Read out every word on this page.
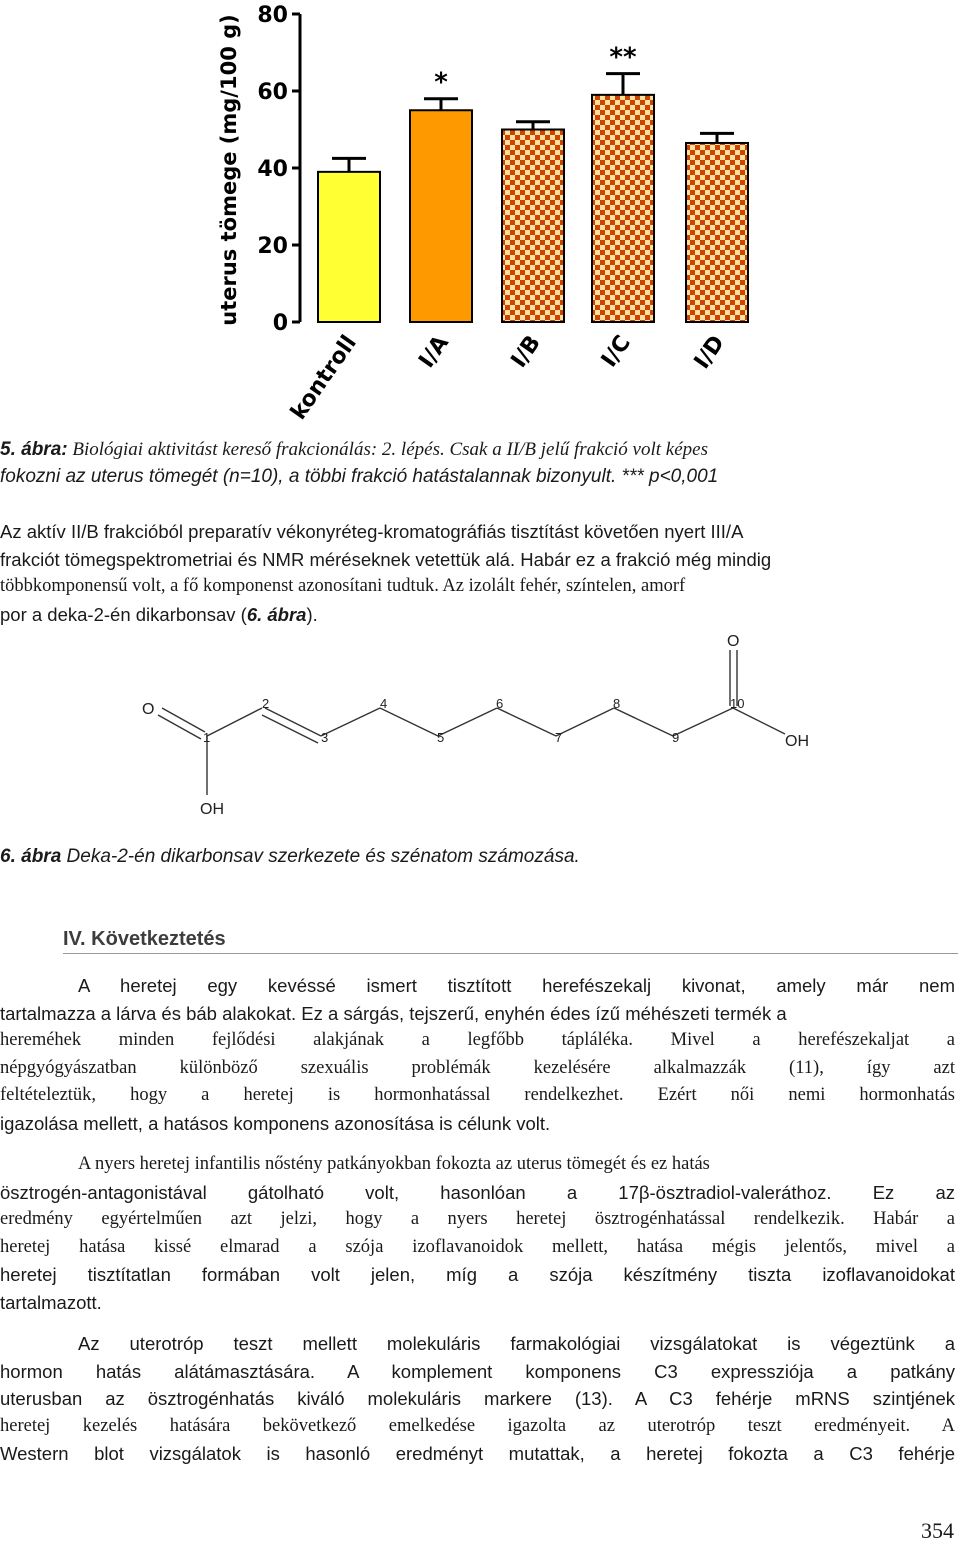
0
20
40
60
80
uterus tömege (mg/100 g)
kontroll
*
I/A I/B
**
I/C I/D
5. ábra: Biológiai aktivitást kereső frakcionálás: 2. lépés. Csak a II/B jelű frakció volt képes
fokozni az uterus tömegét (n=10), a többi frakció hatástalannak bizonyult. *** p<0,001
Az aktív II/B frakcióból preparatív vékonyréteg-kromatográfiás tisztítást követően nyert III/A
frakciót tömegspektrometriai és NMR méréseknek vetettük alá. Habár ez a frakció még mindig
többkomponensű volt, a fő komponenst azonosítani tudtuk. Az izolált fehér, színtelen, amorf
por a deka-2-én dikarbonsav (6. ábra).
O
O
OH
OH
1
2
3
4
5
6
7
8
9
10
6. ábra Deka-2-én dikarbonsav szerkezete és szénatom számozása.
IV. Következtetés
A heretej egy kevéssé ismert tisztított herefészekalj kivonat, amely már nem
tartalmazza a lárva és báb alakokat. Ez a sárgás, tejszerű, enyhén édes ízű méhészeti termék a
hereméhek minden fejlődési alakjának a legfőbb tápláléka. Mivel a herefészekaljat a
népgyógyászatban különböző szexuális problémák kezelésére alkalmazzák (11), így azt
feltételeztük, hogy a heretej is hormonhatással rendelkezhet. Ezért női nemi hormonhatás
igazolása mellett, a hatásos komponens azonosítása is célunk volt.
A nyers heretej infantilis nőstény patkányokban fokozta az uterus tömegét és ez hatás
ösztrogén-antagonistával gátolható volt, hasonlóan a 17β-ösztradiol-valeráthoz. Ez az
eredmény egyértelműen azt jelzi, hogy a nyers heretej ösztrogénhatással rendelkezik. Habár a
heretej hatása kissé elmarad a szója izoflavanoidok mellett, hatása mégis jelentős, mivel a
heretej tisztítatlan formában volt jelen, míg a szója készítmény tiszta izoflavanoidokat
tartalmazott.
Az uterotróp teszt mellett molekuláris farmakológiai vizsgálatokat is végeztünk a
hormon hatás alátámasztására. A komplement komponens C3 expressziója a patkány
uterusban az ösztrogénhatás kiváló molekuláris markere (13). A C3 fehérje mRNS szintjének
heretej kezelés hatására bekövetkező emelkedése igazolta az uterotróp teszt eredményeit. A
Western blot vizsgálatok is hasonló eredményt mutattak, a heretej fokozta a C3 fehérje
354
